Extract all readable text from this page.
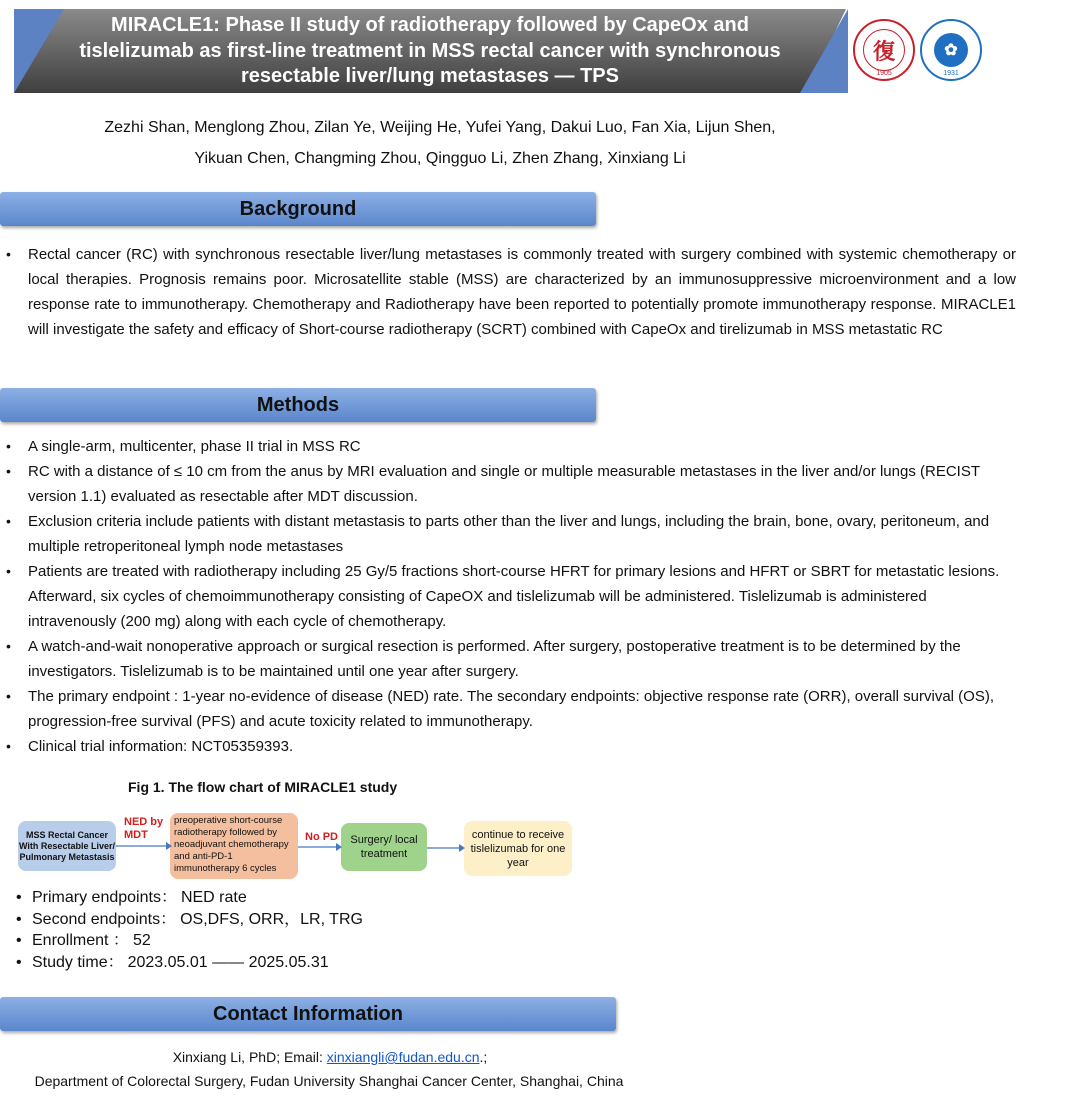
MIRACLE1: Phase II study of radiotherapy followed by CapeOx and
tislelizumab as first-line treatment in MSS rectal cancer with synchronous
resectable liver/lung metastases — TPS
復
1905
✿
1931
Zezhi Shan, Menglong Zhou, Zilan Ye, Weijing He, Yufei Yang, Dakui Luo, Fan Xia, Lijun Shen,
Yikuan Chen, Changming Zhou, Qingguo Li, Zhen Zhang, Xinxiang Li
Background
• Rectal cancer (RC) with synchronous resectable liver/lung metastases is commonly treated with surgery combined with systemic chemotherapy or local therapies. Prognosis remains poor. Microsatellite stable (MSS) are characterized by an immunosuppressive microenvironment and a low response rate to immunotherapy. Chemotherapy and Radiotherapy have been reported to potentially promote immunotherapy response. MIRACLE1 will investigate the safety and efficacy of Short-course radiotherapy (SCRT) combined with CapeOx and tirelizumab in MSS metastatic RC
Methods
• A single-arm, multicenter, phase II trial in MSS RC
• RC with a distance of ≤ 10 cm from the anus by MRI evaluation and single or multiple measurable metastases in the liver and/or lungs (RECIST version 1.1) evaluated as resectable after MDT discussion.
• Exclusion criteria include patients with distant metastasis to parts other than the liver and lungs, including the brain, bone, ovary, peritoneum, and multiple retroperitoneal lymph node metastases
• Patients are treated with radiotherapy including 25 Gy/5 fractions short-course HFRT for primary lesions and HFRT or SBRT for metastatic lesions. Afterward, six cycles of chemoimmunotherapy consisting of CapeOX and tislelizumab will be administered. Tislelizumab is administered intravenously (200 mg) along with each cycle of chemotherapy.
• A watch-and-wait nonoperative approach or surgical resection is performed. After surgery, postoperative treatment is to be determined by the investigators. Tislelizumab is to be maintained until one year after surgery.
• The primary endpoint : 1-year no-evidence of disease (NED) rate. The secondary endpoints: objective response rate (ORR), overall survival (OS), progression-free survival (PFS) and acute toxicity related to immunotherapy.
• Clinical trial information: NCT05359393.
Fig 1. The flow chart of MIRACLE1 study
MSS Rectal Cancer With Resectable Liver/ Pulmonary Metastasis
preoperative short-course radiotherapy followed by neoadjuvant chemotherapy and anti-PD-1 immunotherapy 6 cycles
Surgery/ local treatment
continue to receive tislelizumab for one year
NED by
MDT	No PD
• Primary endpoints： NED rate
• Second endpoints： OS,DFS, ORR，LR, TRG
• Enrollment ： 52
• Study time：2023.05.01 —— 2025.05.31
Contact Information
Xinxiang Li, PhD; Email: xinxiangli@fudan.edu.cn.;
Department of Colorectal Surgery, Fudan University Shanghai Cancer Center, Shanghai, China
